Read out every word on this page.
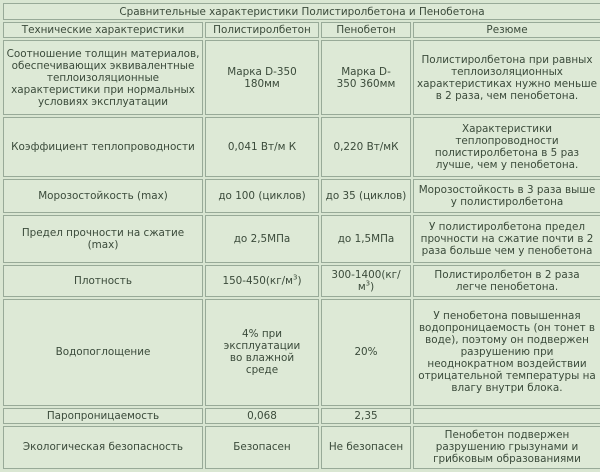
Сравнительные характеристики Полистиролбетона и Пенобетона			
Технические характеристики	Полистиролбетон	Пенобетон	Резюме
Соотношение толщин материалов, обеспечивающих эквивалентные теплоизоляционные характеристики при нормальных условиях эксплуатации	Марка D-350 180мм	Марка D-350 360мм	Полистиролбетона при равных теплоизоляционных характеристиках нужно меньше в 2 раза, чем пенобетона.
Коэффициент теплопроводности	0,041 Вт/м К	0,220 Вт/мК	Характеристики теплопроводности полистиролбетона в 5 раз лучше, чем у пенобетона.
Морозостойкость (max)	до 100 (циклов)	до 35 (циклов)	Морозостойкость в 3 раза выше у полистиролбетона
Предел прочности на сжатие (max)	до 2,5МПа	до 1,5МПа	У полистиролбетона предел прочности на сжатие почти в 2 раза больше чем у пенобетона
Плотность	$150-450(кг/м^3)$	$300-1400(кг/м^3)$	Полистиролбетон в 2 раза легче пенобетона.
Водопоглощение	4% при эксплуатации во влажной среде	20%	У пенобетона повышенная водопроницаемость (он тонет в воде), поэтому он подвержен разрушению при неоднократном воздействии отрицательной температуры на влагу внутри блока.
Паропроницаемость	0,068	2,35	
Экологическая безопасность	Безопасен	Не безопасен	Пенобетон подвержен разрушению грызунами и грибковым образованиями
